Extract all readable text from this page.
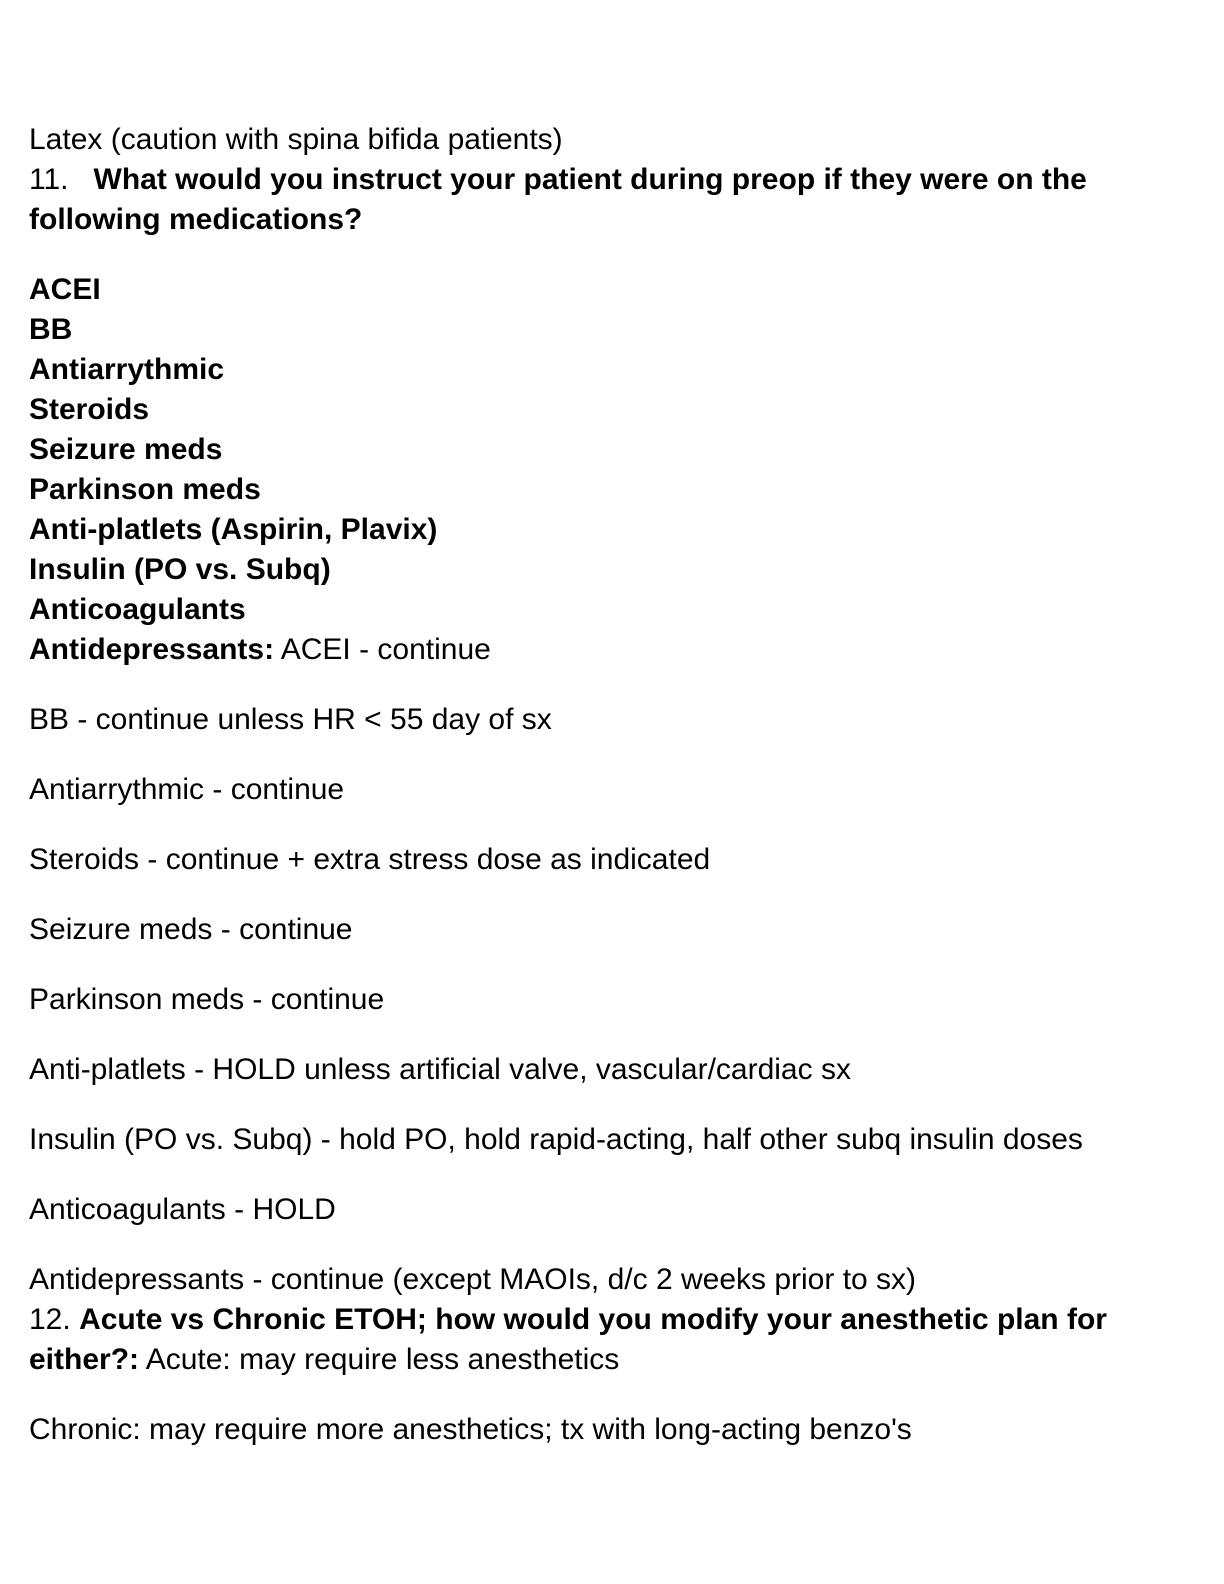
Latex (caution with spina bifida patients)

11. What would you instruct your patient during preop if they were on the following medications?

ACEI

BB

Antiarrythmic

Steroids

Seizure meds

Parkinson meds

Anti-platlets (Aspirin, Plavix)

Insulin (PO vs. Subq)

Anticoagulants

Antidepressants: ACEI - continue

BB - continue unless HR < 55 day of sx

Antiarrythmic - continue

Steroids - continue + extra stress dose as indicated

Seizure meds - continue

Parkinson meds - continue

Anti-platlets - HOLD unless artificial valve, vascular/cardiac sx

Insulin (PO vs. Subq) - hold PO, hold rapid-acting, half other subq insulin doses

Anticoagulants - HOLD

Antidepressants - continue (except MAOIs, d/c 2 weeks prior to sx)

12. Acute vs Chronic ETOH; how would you modify your anesthetic plan for either?: Acute: may require less anesthetics

Chronic: may require more anesthetics; tx with long-acting benzo's
